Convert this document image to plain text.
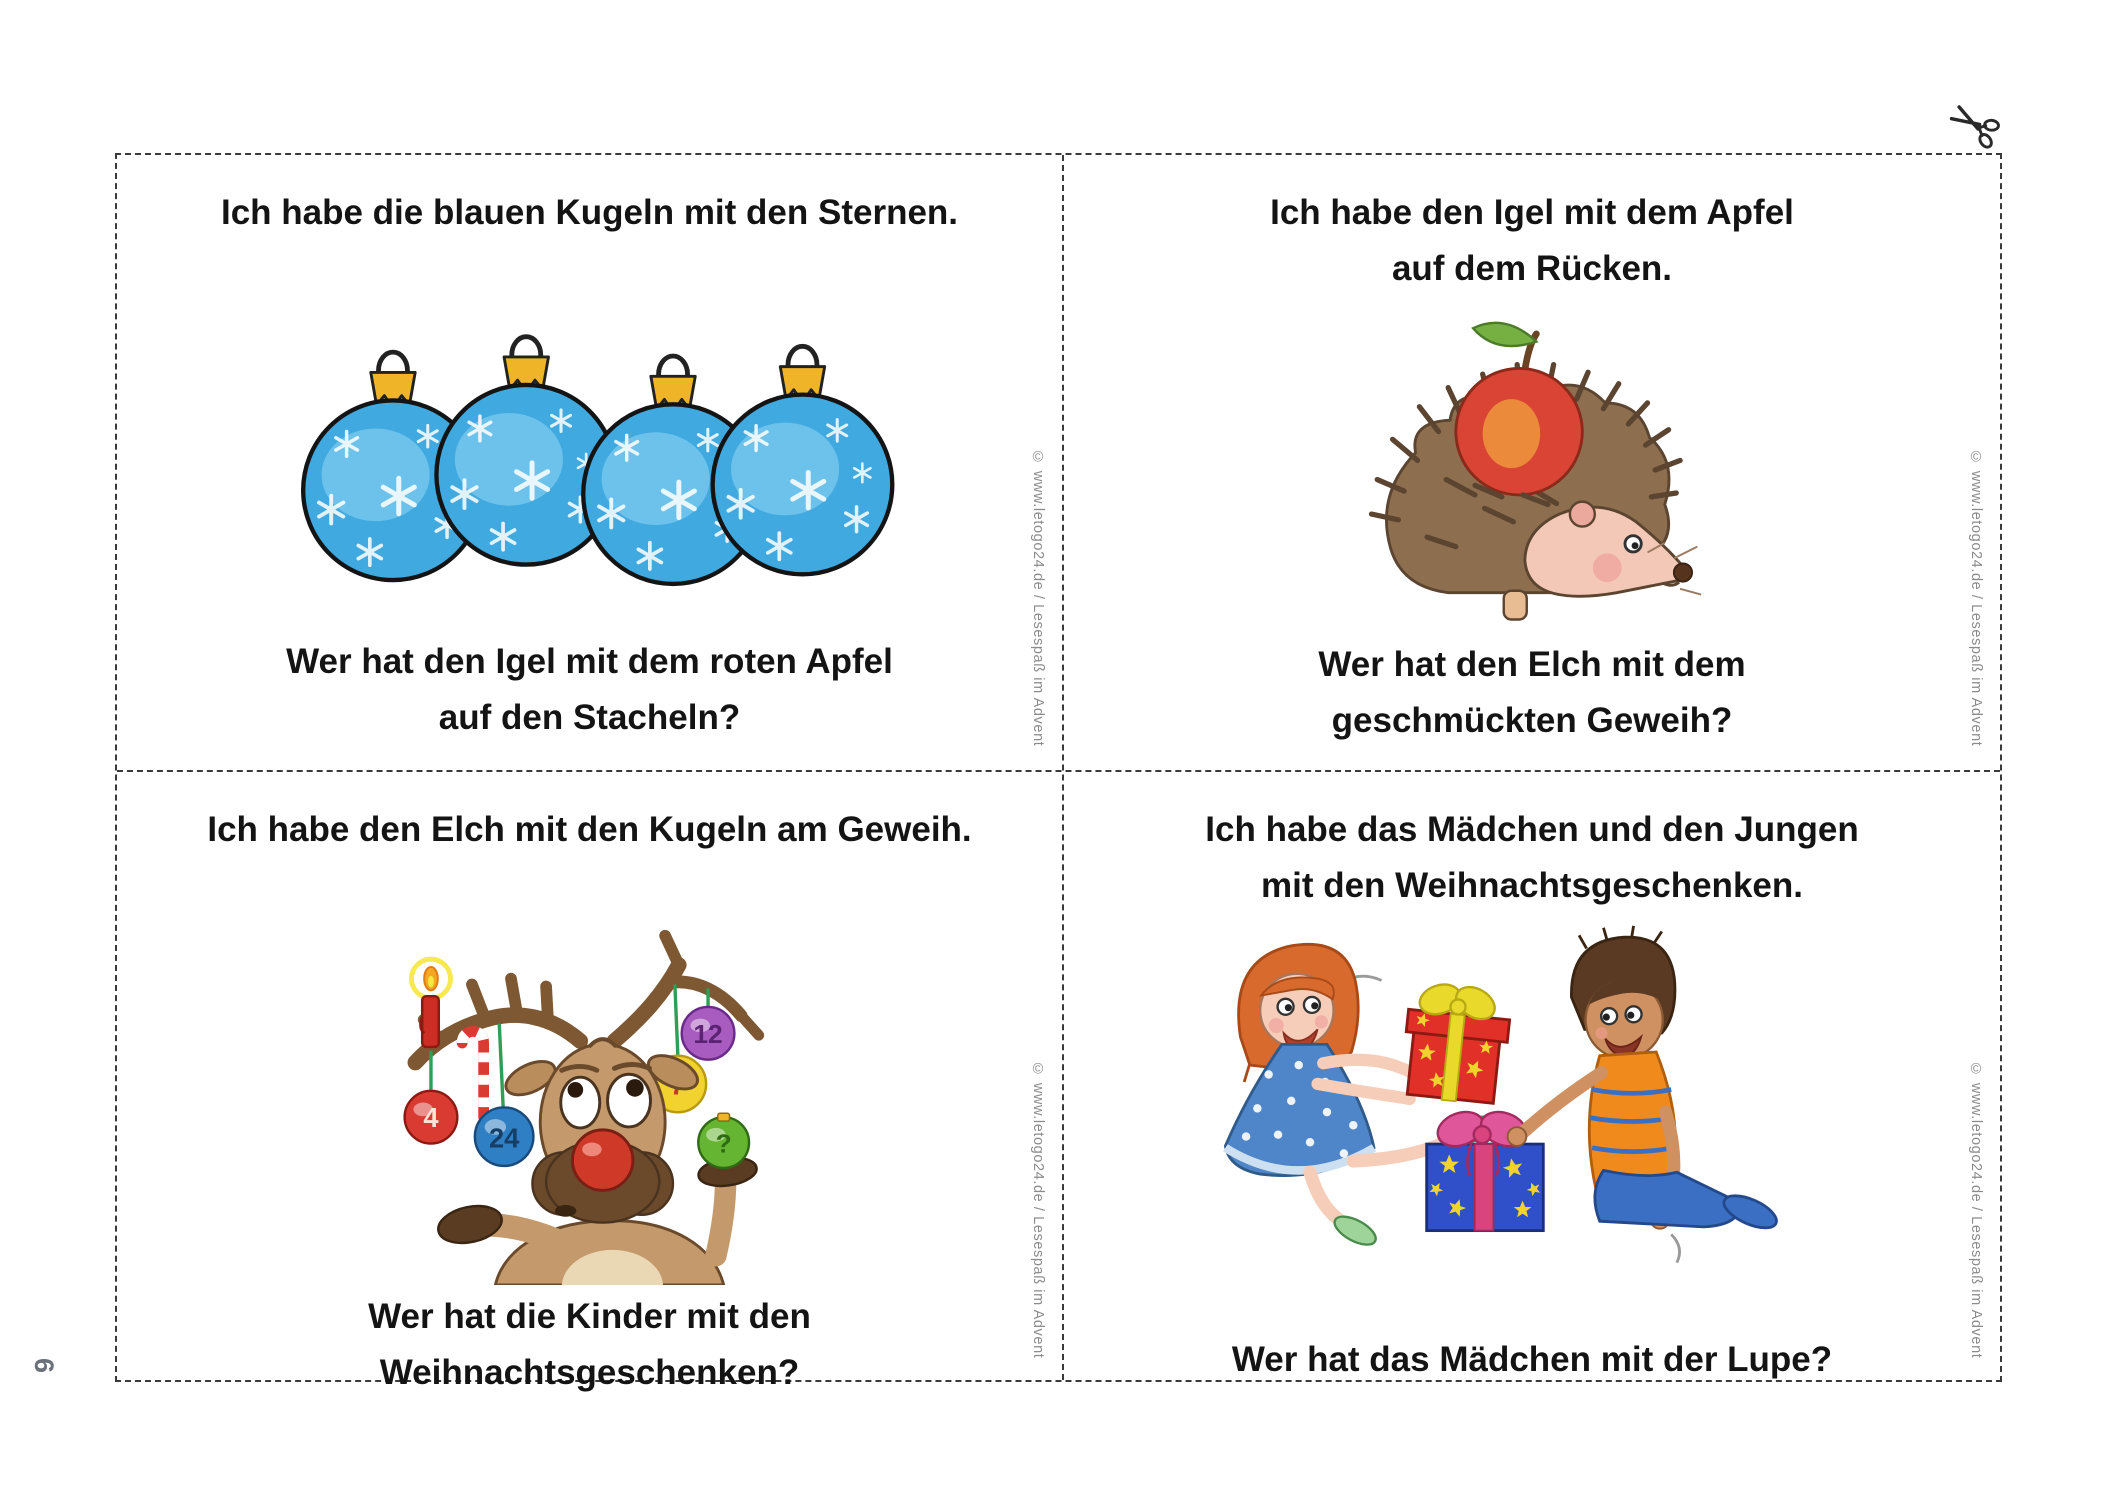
6
Ich habe die blauen Kugeln mit den Sternen.
Wer hat den Igel mit dem roten Apfel
auf den Stacheln?	© www.letogo24.de / Lesespaß im Advent
Ich habe den Igel mit dem Apfel
auf dem Rücken.
Wer hat den Elch mit dem
geschmückten Geweih?	© www.letogo24.de / Lesespaß im Advent
Ich habe den Elch mit den Kugeln am Geweih.
4
24
12
?
Wer hat die Kinder mit den
Weihnachtsgeschenken?
© www.letogo24.de / Lesespaß im Advent
Ich habe das Mädchen und den Jungen
mit den Weihnachtsgeschenken.
Wer hat das Mädchen mit der Lupe?
© www.letogo24.de / Lesespaß im Advent
